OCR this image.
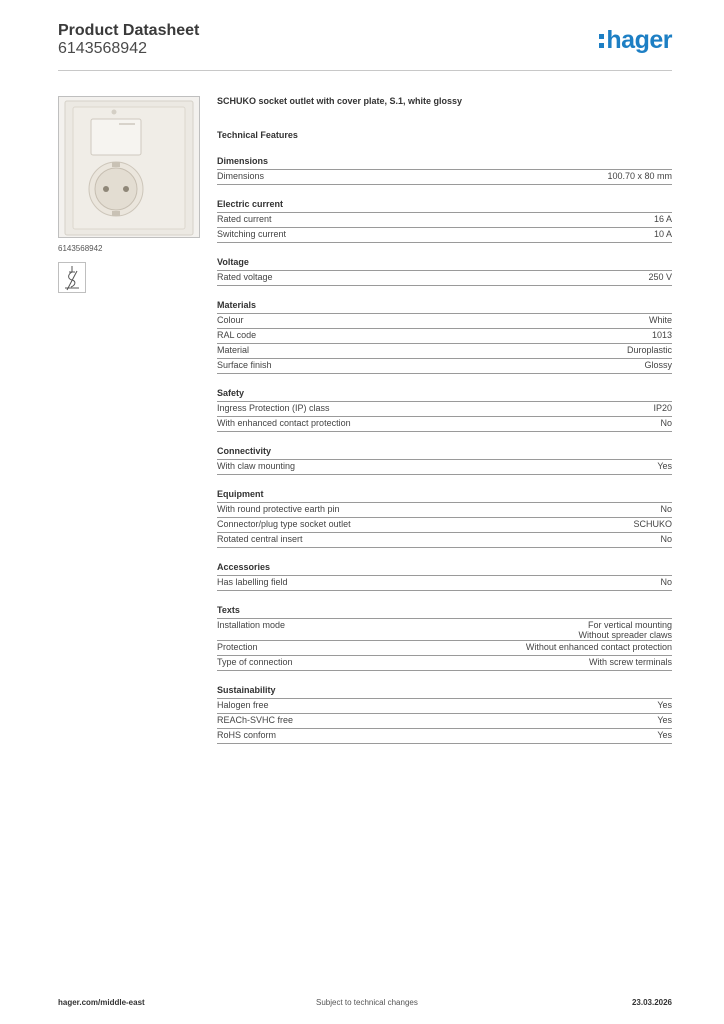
Product Datasheet
6143568942	hager
6143568942
SCHUKO socket outlet with cover plate, S.1, white glossy
Technical Features
Dimensions
Dimensions	100.70 x 80 mm
Electric current
Rated current	16 A
Switching current	10 A
Voltage
Rated voltage	250 V
Materials
Colour	White
RAL code	1013
Material	Duroplastic
Surface finish	Glossy
Safety
Ingress Protection (IP) class	IP20
With enhanced contact protection	No
Connectivity
With claw mounting	Yes
Equipment
With round protective earth pin	No
Connector/plug type socket outlet	SCHUKO
Rotated central insert	No
Accessories
Has labelling field	No
Texts
Installation mode	For vertical mounting
Without spreader claws
Protection	Without enhanced contact protection
Type of connection	With screw terminals
Sustainability
Halogen free	Yes
REACh-SVHC free	Yes
RoHS conform	Yes
hager.com/middle-east	Subject to technical changes	23.03.2026
